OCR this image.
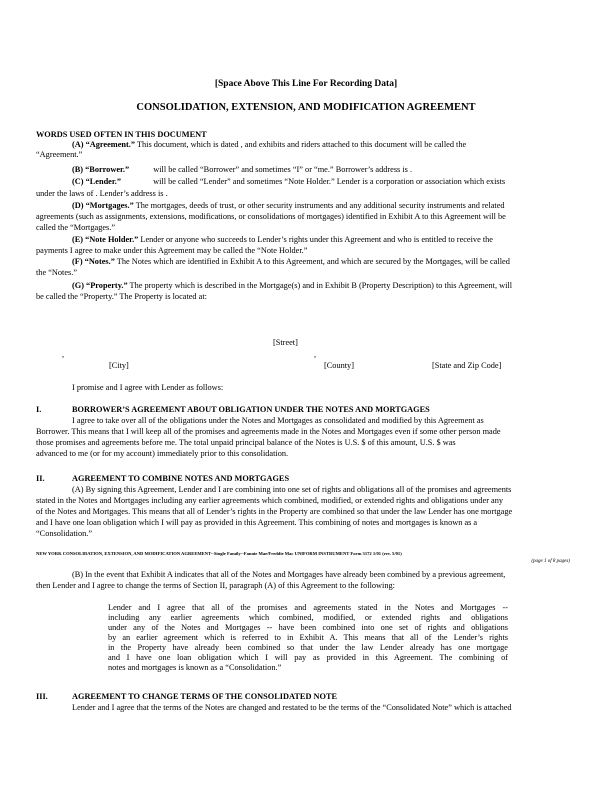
[Space Above This Line For Recording Data]
CONSOLIDATION, EXTENSION, AND MODIFICATION AGREEMENT
WORDS USED OFTEN IN THIS DOCUMENT
(A) “Agreement.” This document, which is dated , and exhibits and riders attached to this document will be called the
“Agreement.”
(B) “Borrower.”	will be called “Borrower” and sometimes “I” or “me.” Borrower’s address is .
(C) “Lender.”	will be called “Lender” and sometimes “Note Holder.” Lender is a corporation or association which exists
under the laws of . Lender’s address is .
(D) “Mortgages.” The mortgages, deeds of trust, or other security instruments and any additional security instruments and related
agreements (such as assignments, extensions, modifications, or consolidations of mortgages) identified in Exhibit A to this Agreement will be
called the “Mortgages.”
(E) “Note Holder.” Lender or anyone who succeeds to Lender’s rights under this Agreement and who is entitled to receive the
payments I agree to make under this Agreement may be called the “Note Holder.”
(F) “Notes.” The Notes which are identified in Exhibit A to this Agreement, and which are secured by the Mortgages, will be called
the “Notes.”
(G) “Property.” The property which is described in the Mortgage(s) and in Exhibit B (Property Description) to this Agreement, will
be called the “Property.” The Property is located at:
[Street]
,	,
[City]	[County]	[State and Zip Code]
I promise and I agree with Lender as follows:
I.	BORROWER’S AGREEMENT ABOUT OBLIGATION UNDER THE NOTES AND MORTGAGES
I agree to take over all of the obligations under the Notes and Mortgages as consolidated and modified by this Agreement as
Borrower. This means that I will keep all of the promises and agreements made in the Notes and Mortgages even if some other person made
those promises and agreements before me. The total unpaid principal balance of the Notes is U.S. $ of this amount, U.S. $ was
advanced to me (or for my account) immediately prior to this consolidation.
II.	AGREEMENT TO COMBINE NOTES AND MORTGAGES
(A) By signing this Agreement, Lender and I are combining into one set of rights and obligations all of the promises and agreements
stated in the Notes and Mortgages including any earlier agreements which combined, modified, or extended rights and obligations under any
of the Notes and Mortgages. This means that all of Lender’s rights in the Property are combined so that under the law Lender has one mortgage
and I have one loan obligation which I will pay as provided in this Agreement. This combining of notes and mortgages is known as a
“Consolidation.”
NEW YORK CONSOLIDATION, EXTENSION, AND MODIFICATION AGREEMENT--Single Family--Fannie Mae/Freddie Mac UNIFORM INSTRUMENT Form 3172 1/01 (rev. 5/01)
(page 1 of 8 pages)
(B) In the event that Exhibit A indicates that all of the Notes and Mortgages have already been combined by a previous agreement,
then Lender and I agree to change the terms of Section II, paragraph (A) of this Agreement to the following:
Lender and I agree that all of the promises and agreements stated in the Notes and Mortgages --
including any earlier agreements which combined, modified, or extended rights and obligations
under any of the Notes and Mortgages -- have been combined into one set of rights and obligations
by an earlier agreement which is referred to in Exhibit A. This means that all of the Lender’s rights
in the Property have already been combined so that under the law Lender already has one mortgage
and I have one loan obligation which I will pay as provided in this Agreement. The combining of
notes and mortgages is known as a “Consolidation.”
III.	AGREEMENT TO CHANGE TERMS OF THE CONSOLIDATED NOTE
Lender and I agree that the terms of the Notes are changed and restated to be the terms of the “Consolidated Note” which is attached
